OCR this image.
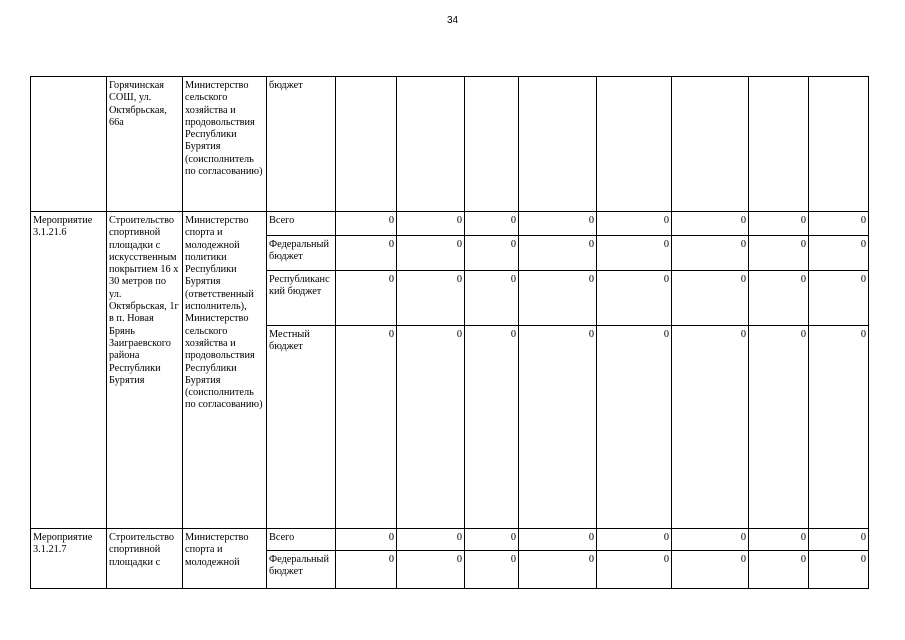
34
	Горячинская СОШ, ул. Октябрьская, 66а	Министерство сельского хозяйства и продовольствия Республики Бурятия (соисполнитель по согласованию)	бюджет								
Мероприятие 3.1.21.6	Строительство спортивной площадки с искусственным покрытием 16 х 30 метров по ул. Октябрьская, 1г в п. Новая Брянь Заиграевского района Республики Бурятия	Министерство спорта и молодежной политики Республики Бурятия (ответственный исполнитель), Министерство сельского хозяйства и продовольствия Республики Бурятия (соисполнитель по согласованию)	Всего	0	0	0	0	0	0	0	0
			Федеральный бюджет	0	0	0	0	0	0	0	0
			Республиканский бюджет	0	0	0	0	0	0	0	0
			Местный бюджет	0	0	0	0	0	0	0	0
Мероприятие 3.1.21.7	Строительство спортивной площадки с	Министерство спорта и молодежной	Всего	0	0	0	0	0	0	0	0
			Федеральный бюджет	0	0	0	0	0	0	0	0
